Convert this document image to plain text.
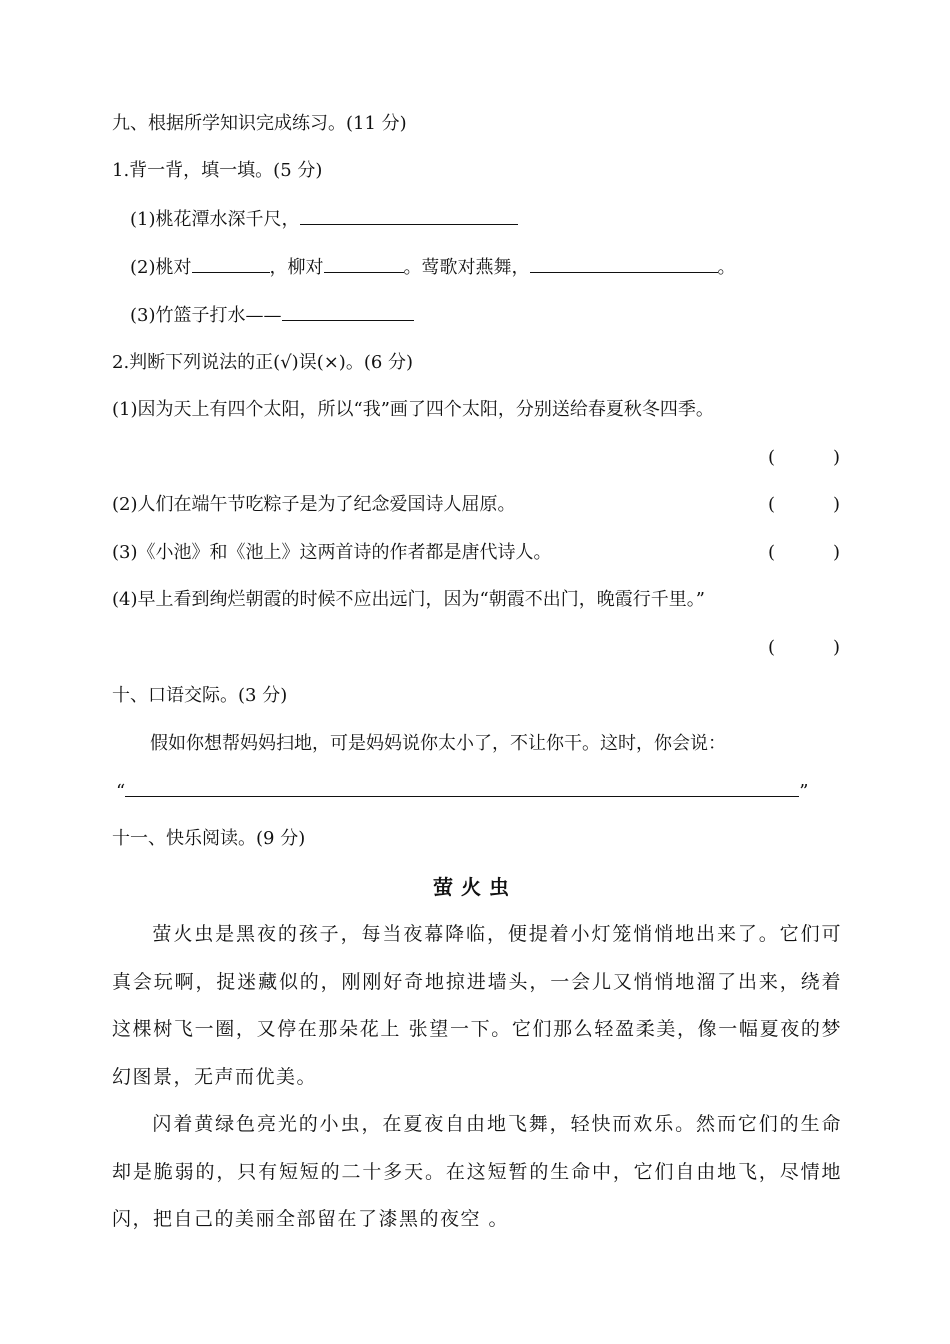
九、根据所学知识完成练习。(11 分)
1.背一背，填一填。(5 分)
(1)桃花潭水深千尺，
(2)桃对	，柳对	。莺歌对燕舞，	。
(3)竹篮子打水——
2.判断下列说法的正(√)误(×)。(6 分)
(1)因为天上有四个太阳，所以“我”画了四个太阳，分别送给春夏秋冬四季。
(	)
(2)人们在端午节吃粽子是为了纪念爱国诗人屈原。	(	)
(3)《小池》和《池上》这两首诗的作者都是唐代诗人。	(	)
(4)早上看到绚烂朝霞的时候不应出远门，因为“朝霞不出门，晚霞行千里。”
(	)
十、口语交际。(3 分)
假如你想帮妈妈扫地，可是妈妈说你太小了，不让你干。这时，你会说：
“	”
十一、快乐阅读。(9 分)
萤火虫
萤火虫是黑夜的孩子，每当夜幕降临，便提着小灯笼悄悄地出来了。它们可真会玩啊，捉迷藏似的，刚刚好奇地掠进墙头，一会儿又悄悄地溜了出来，绕着这棵树飞一圈，又停在那朵花上 张望一下。它们那么轻盈柔美，像一幅夏夜的梦幻图景，无声而优美。
闪着黄绿色亮光的小虫，在夏夜自由地飞舞，轻快而欢乐。然而它们的生命却是脆弱的，只有短短的二十多天。在这短暂的生命中，它们自由地飞，尽情地闪，把自己的美丽全部留在了漆黑的夜空 。
